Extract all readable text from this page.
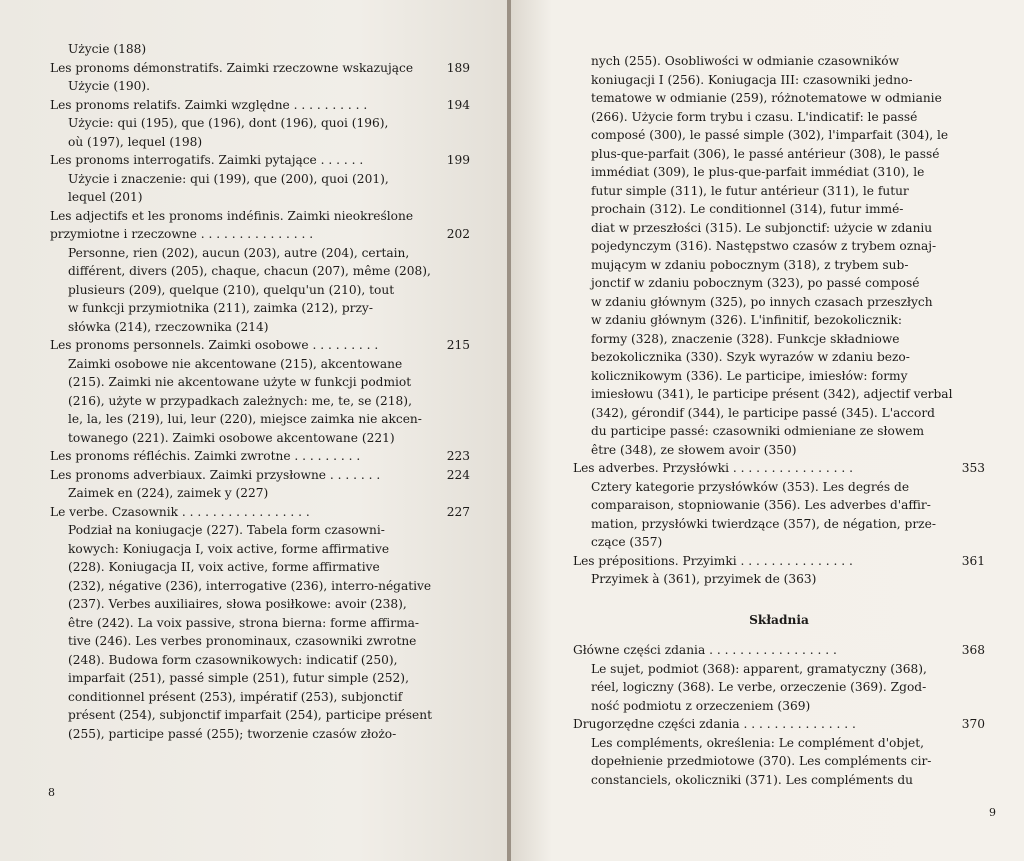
Użycie (188)
Les pronoms démonstratifs. Zaimki rzeczowne wskazujące	189
Użycie (190).
Les pronoms relatifs. Zaimki względne . . . . . . . . . .	194
Użycie: qui (195), que (196), dont (196), quoi (196),
où (197), lequel (198)
Les pronoms interrogatifs. Zaimki pytające . . . . . .	199
Użycie i znaczenie: qui (199), que (200), quoi (201),
lequel (201)
Les adjectifs et les pronoms indéfinis. Zaimki nieokreślone
przymiotne i rzeczowne . . . . . . . . . . . . . . .	202
Personne, rien (202), aucun (203), autre (204), certain,
différent, divers (205), chaque, chacun (207), même (208),
plusieurs (209), quelque (210), quelqu'un (210), tout
w funkcji przymiotnika (211), zaimka (212), przy-
słówka (214), rzeczownika (214)
Les pronoms personnels. Zaimki osobowe . . . . . . . . .	215
Zaimki osobowe nie akcentowane (215), akcentowane
(215). Zaimki nie akcentowane użyte w funkcji podmiot
(216), użyte w przypadkach zależnych: me, te, se (218),
le, la, les (219), lui, leur (220), miejsce zaimka nie akcen-
towanego (221). Zaimki osobowe akcentowane (221)
Les pronoms réfléchis. Zaimki zwrotne . . . . . . . . .	223
Les pronoms adverbiaux. Zaimki przysłowne . . . . . . .	224
Zaimek en (224), zaimek y (227)
Le verbe. Czasownik . . . . . . . . . . . . . . . . .	227
Podział na koniugacje (227). Tabela form czasowni-
kowych: Koniugacja I, voix active, forme affirmative
(228). Koniugacja II, voix active, forme affirmative
(232), négative (236), interrogative (236), interro-négative
(237). Verbes auxiliaires, słowa posiłkowe: avoir (238),
être (242). La voix passive, strona bierna: forme affirma-
tive (246). Les verbes pronominaux, czasowniki zwrotne
(248). Budowa form czasownikowych: indicatif (250),
imparfait (251), passé simple (251), futur simple (252),
conditionnel présent (253), impératif (253), subjonctif
présent (254), subjonctif imparfait (254), participe présent
(255), participe passé (255); tworzenie czasów złożo-
8
nych (255). Osobliwości w odmianie czasowników
koniugacji I (256). Koniugacja III: czasowniki jedno-
tematowe w odmianie (259), różnotematowe w odmianie
(266). Użycie form trybu i czasu. L'indicatif: le passé
composé (300), le passé simple (302), l'imparfait (304), le
plus-que-parfait (306), le passé antérieur (308), le passé
immédiat (309), le plus-que-parfait immédiat (310), le
futur simple (311), le futur antérieur (311), le futur
prochain (312). Le conditionnel (314), futur immé-
diat w przeszłości (315). Le subjonctif: użycie w zdaniu
pojedynczym (316). Następstwo czasów z trybem oznaj-
mującym w zdaniu pobocznym (318), z trybem sub-
jonctif w zdaniu pobocznym (323), po passé composé
w zdaniu głównym (325), po innych czasach przeszłych
w zdaniu głównym (326). L'infinitif, bezokolicznik:
formy (328), znaczenie (328). Funkcje składniowe
bezokolicznika (330). Szyk wyrazów w zdaniu bezo-
kolicznikowym (336). Le participe, imiesłów: formy
imiesłowu (341), le participe présent (342), adjectif verbal
(342), gérondif (344), le participe passé (345). L'accord
du participe passé: czasowniki odmieniane ze słowem
être (348), ze słowem avoir (350)
Les adverbes. Przysłówki . . . . . . . . . . . . . . . .	353
Cztery kategorie przysłówków (353). Les degrés de
comparaison, stopniowanie (356). Les adverbes d'affir-
mation, przysłówki twierdzące (357), de négation, prze-
czące (357)
Les prépositions. Przyimki . . . . . . . . . . . . . . .	361
Przyimek à (361), przyimek de (363)
Składnia
Główne części zdania . . . . . . . . . . . . . . . . .	368
Le sujet, podmiot (368): apparent, gramatyczny (368),
réel, logiczny (368). Le verbe, orzeczenie (369). Zgod-
ność podmiotu z orzeczeniem (369)
Drugorzędne części zdania . . . . . . . . . . . . . . .	370
Les compléments, określenia: Le complément d'objet,
dopełnienie przedmiotowe (370). Les compléments cir-
constanciels, okoliczniki (371). Les compléments du
9
